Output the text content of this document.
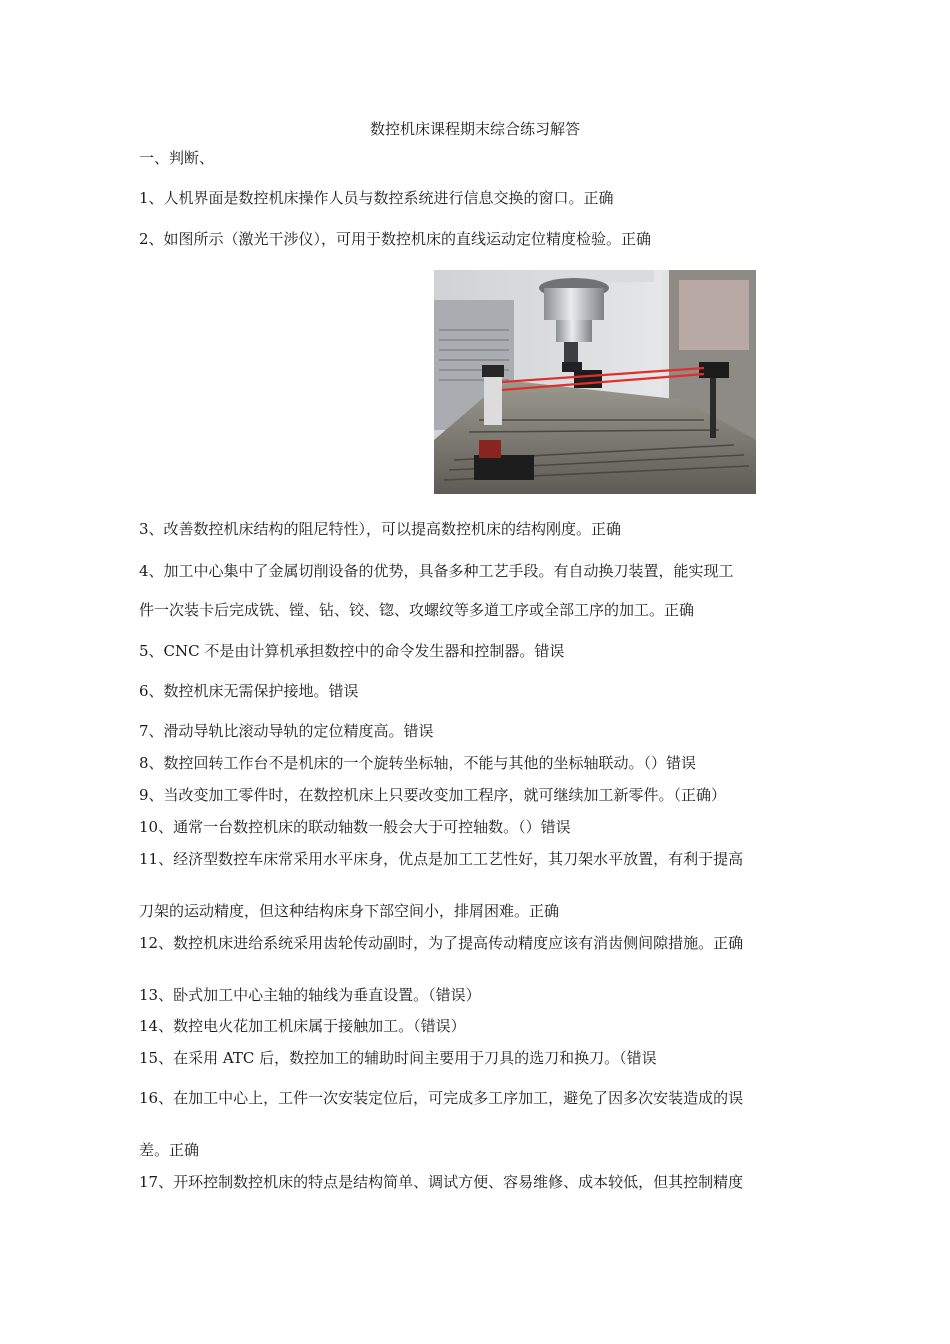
数控机床课程期末综合练习解答
一、判断、
1、人机界面是数控机床操作人员与数控系统进行信息交换的窗口。正确
2、如图所示（激光干涉仪），可用于数控机床的直线运动定位精度检验。正确
3、改善数控机床结构的阻尼特性），可以提高数控机床的结构刚度。正确
4、加工中心集中了金属切削设备的优势，具备多种工艺手段。有自动换刀装置，能实现工
件一次装卡后完成铣、镗、钻、铰、锪、攻螺纹等多道工序或全部工序的加工。正确
5、CNC 不是由计算机承担数控中的命令发生器和控制器。错误
6、数控机床无需保护接地。错误
7、滑动导轨比滚动导轨的定位精度高。错误
8、数控回转工作台不是机床的一个旋转坐标轴，不能与其他的坐标轴联动。（）错误
9、当改变加工零件时，在数控机床上只要改变加工程序，就可继续加工新零件。（正确）
10、通常一台数控机床的联动轴数一般会大于可控轴数。（）错误
11、经济型数控车床常采用水平床身，优点是加工工艺性好，其刀架水平放置，有利于提高
刀架的运动精度，但这种结构床身下部空间小，排屑困难。正确
12、数控机床进给系统采用齿轮传动副时，为了提高传动精度应该有消齿侧间隙措施。正确
13、卧式加工中心主轴的轴线为垂直设置。（错误）
14、数控电火花加工机床属于接触加工。（错误）
15、在采用 ATC 后，数控加工的辅助时间主要用于刀具的选刀和换刀。（错误
16、在加工中心上，工件一次安装定位后，可完成多工序加工，避免了因多次安装造成的误
差。正确
17、开环控制数控机床的特点是结构简单、调试方便、容易维修、成本较低，但其控制精度
